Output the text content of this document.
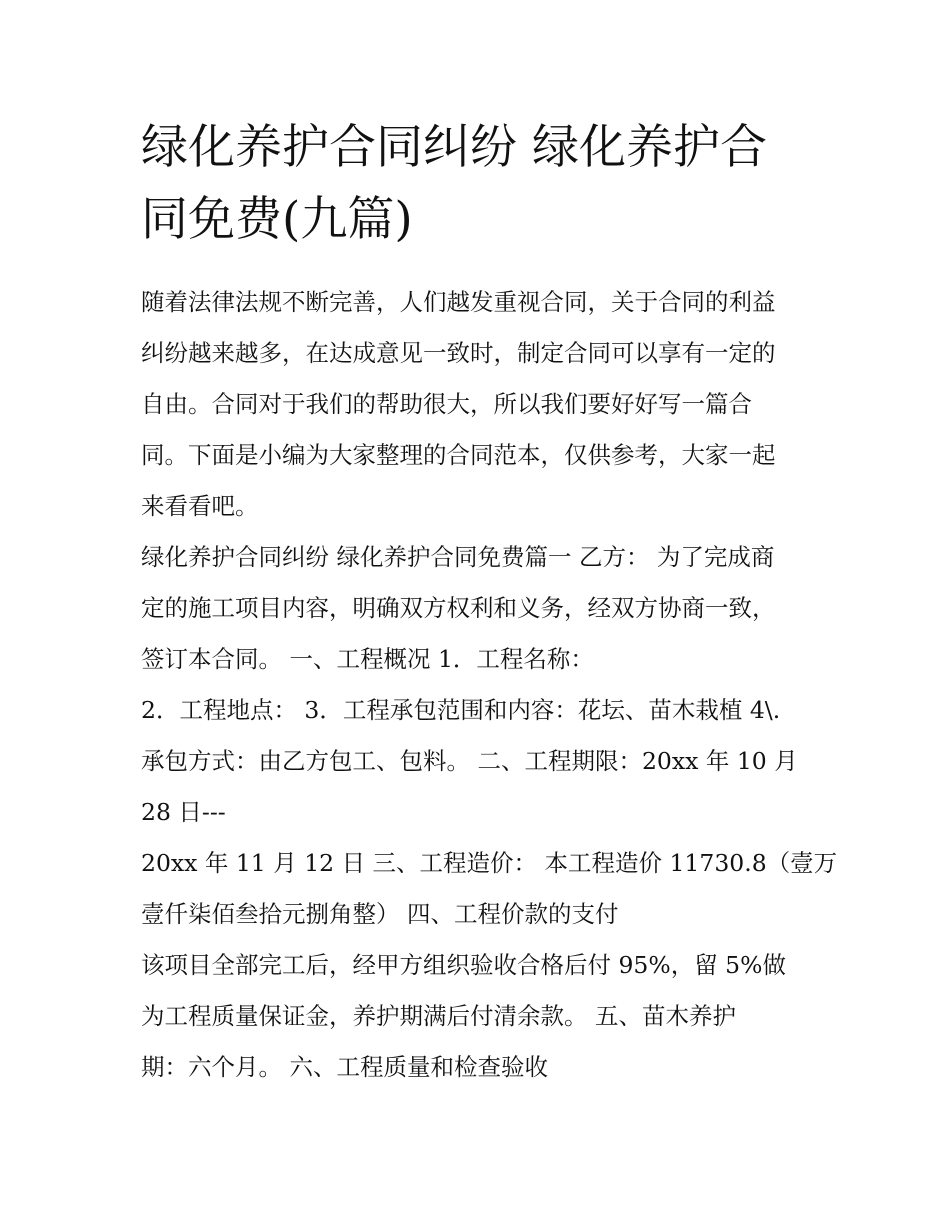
绿化养护合同纠纷 绿化养护合
同免费(九篇)
随着法律法规不断完善，人们越发重视合同，关于合同的利益
纠纷越来越多，在达成意见一致时，制定合同可以享有一定的
自由。合同对于我们的帮助很大，所以我们要好好写一篇合
同。下面是小编为大家整理的合同范本，仅供参考，大家一起
来看看吧。
绿化养护合同纠纷 绿化养护合同免费篇一 乙方： 为了完成商
定的施工项目内容，明确双方权利和义务，经双方协商一致，
签订本合同。 一、工程概况 1．工程名称：
2．工程地点： 3．工程承包范围和内容：花坛、苗木栽植 4\.
承包方式：由乙方包工、包料。 二、工程期限：20xx 年 10 月
28 日---
20xx 年 11 月 12 日 三、工程造价： 本工程造价 11730.8（壹万
壹仟柒佰叁拾元捌角整） 四、工程价款的支付
该项目全部完工后，经甲方组织验收合格后付 95%，留 5%做
为工程质量保证金，养护期满后付清余款。 五、苗木养护
期：六个月。 六、工程质量和检查验收
